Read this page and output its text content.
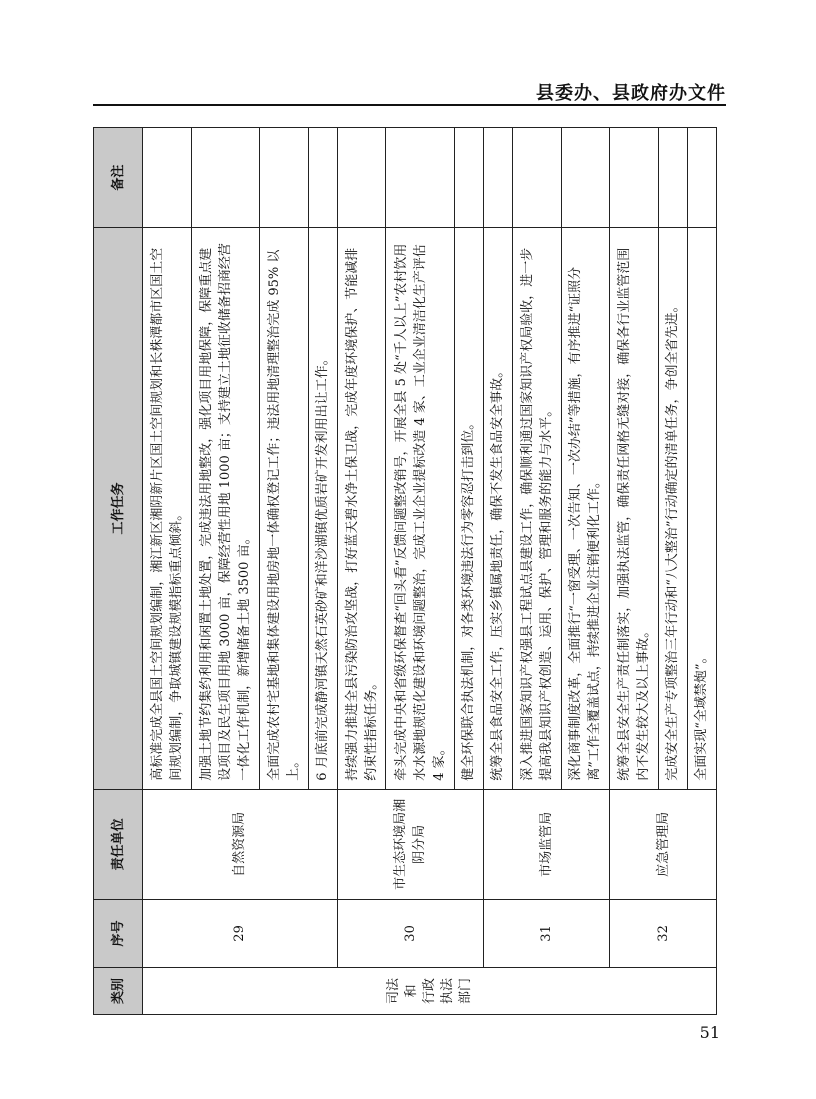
县委办、县政府办文件
类别	序号	责任单位	工作任务	备注

司法 和 行政 执法 部门	29	自然资源局	高标准完成全县国土空间规划编制，湘江新区湘阴新片区国土空间规划和长株潭都市区国土空间规划编制，争取城镇建设规模指标重点倾斜。	
			加强土地节约集约利用和闲置土地处置，完成违法用地整改，强化项目用地保障，保障重点建设项目及民生项目用地 3000 亩，保障经营性用地 1000 亩；支持建立土地征收储备招商经营一体化工作机制，新增储备土地 3500 亩。	
			全面完成农村宅基地和集体建设用地房地一体确权登记工作；违法用地清理整治完成 95% 以上。	
			6 月底前完成静河镇天然石英砂矿和洋沙湖镇优质岩矿开发利用出让工作。	
	30	市生态环境局湘阴分局	持续强力推进全县污染防治攻坚战，打好蓝天碧水净土保卫战，完成年度环境保护、节能减排约束性指标任务。	
			牵头完成中央和省级环保督查“回头看”反馈问题整改销号，开展全县 5 处“千人以上”农村饮用水水源地规范化建设和环境问题整治，完成工业企业提标改造 4 家、工业企业清洁化生产评估 4 家。	
			健全环保联合执法机制，对各类环境违法行为零容忍打击到位。	
	31	市场监管局	统筹全县食品安全工作，压实乡镇属地责任，确保不发生食品安全事故。	
			深入推进国家知识产权强县工程试点县建设工作，确保顺利通过国家知识产权局验收，进一步提高我县知识产权创造、运用、保护、管理和服务的能力与水平。	
			深化商事制度改革，全面推行“一窗受理、一次告知、一次办结”等措施，有序推进“证照分离”工作全覆盖试点，持续推进企业注销便利化工作。	
	32	应急管理局	统筹全县安全生产责任制落实，加强执法监管，确保责任网格无缝对接，确保各行业监管范围内不发生较大及以上事故。	
			完成安全生产专项整治三年行动和“八大整治”行动确定的清单任务，争创全省先进。	
			全面实现“全域禁炮”。	
51
